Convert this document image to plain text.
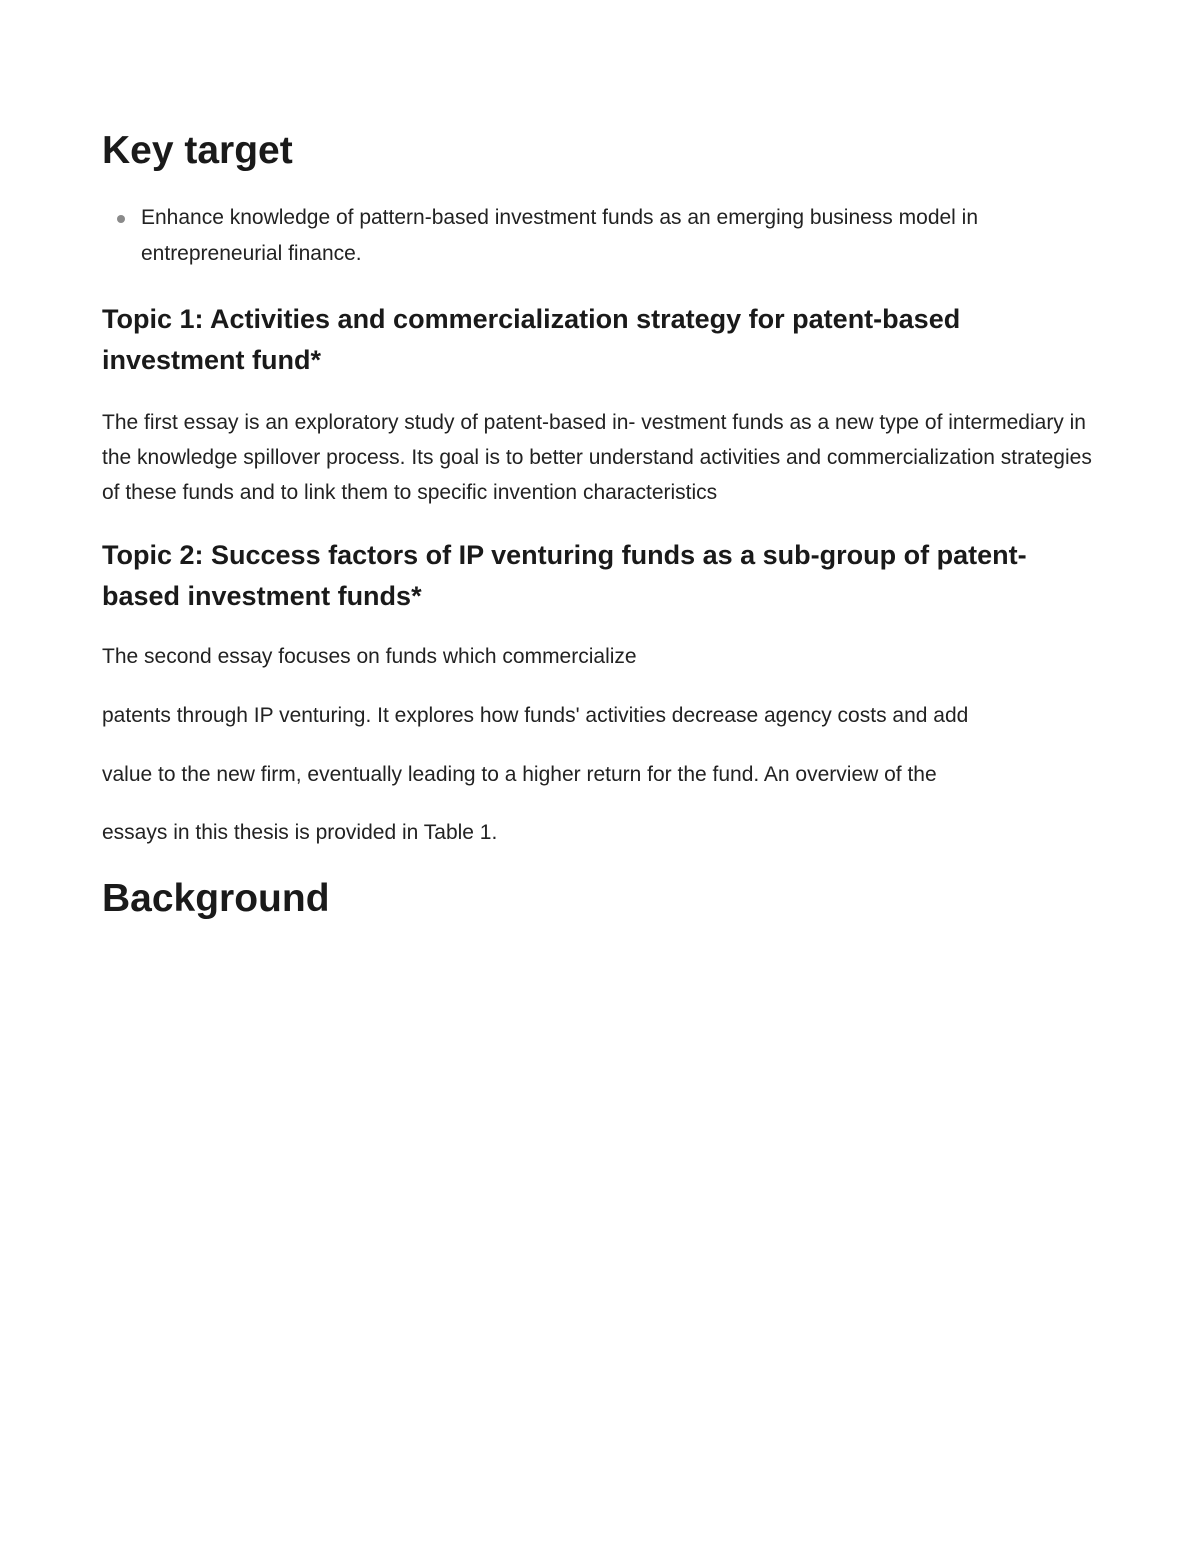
Key target
Enhance knowledge of pattern-based investment funds as an emerging business model in entrepreneurial finance.
Topic 1: Activities and commercialization strategy for patent-based investment fund*

The first essay is an exploratory study of patent-based in- vestment funds as a new type of intermediary in the knowledge spillover process. Its goal is to better understand activities and commercialization strategies of these funds and to link them to specific invention characteristics

Topic 2: Success factors of IP venturing funds as a sub-group of patent-based investment funds*

The second essay focuses on funds which commercialize

patents through IP venturing. It explores how funds' activities decrease agency costs and add

value to the new firm, eventually leading to a higher return for the fund. An overview of the

essays in this thesis is provided in Table 1.

Background
